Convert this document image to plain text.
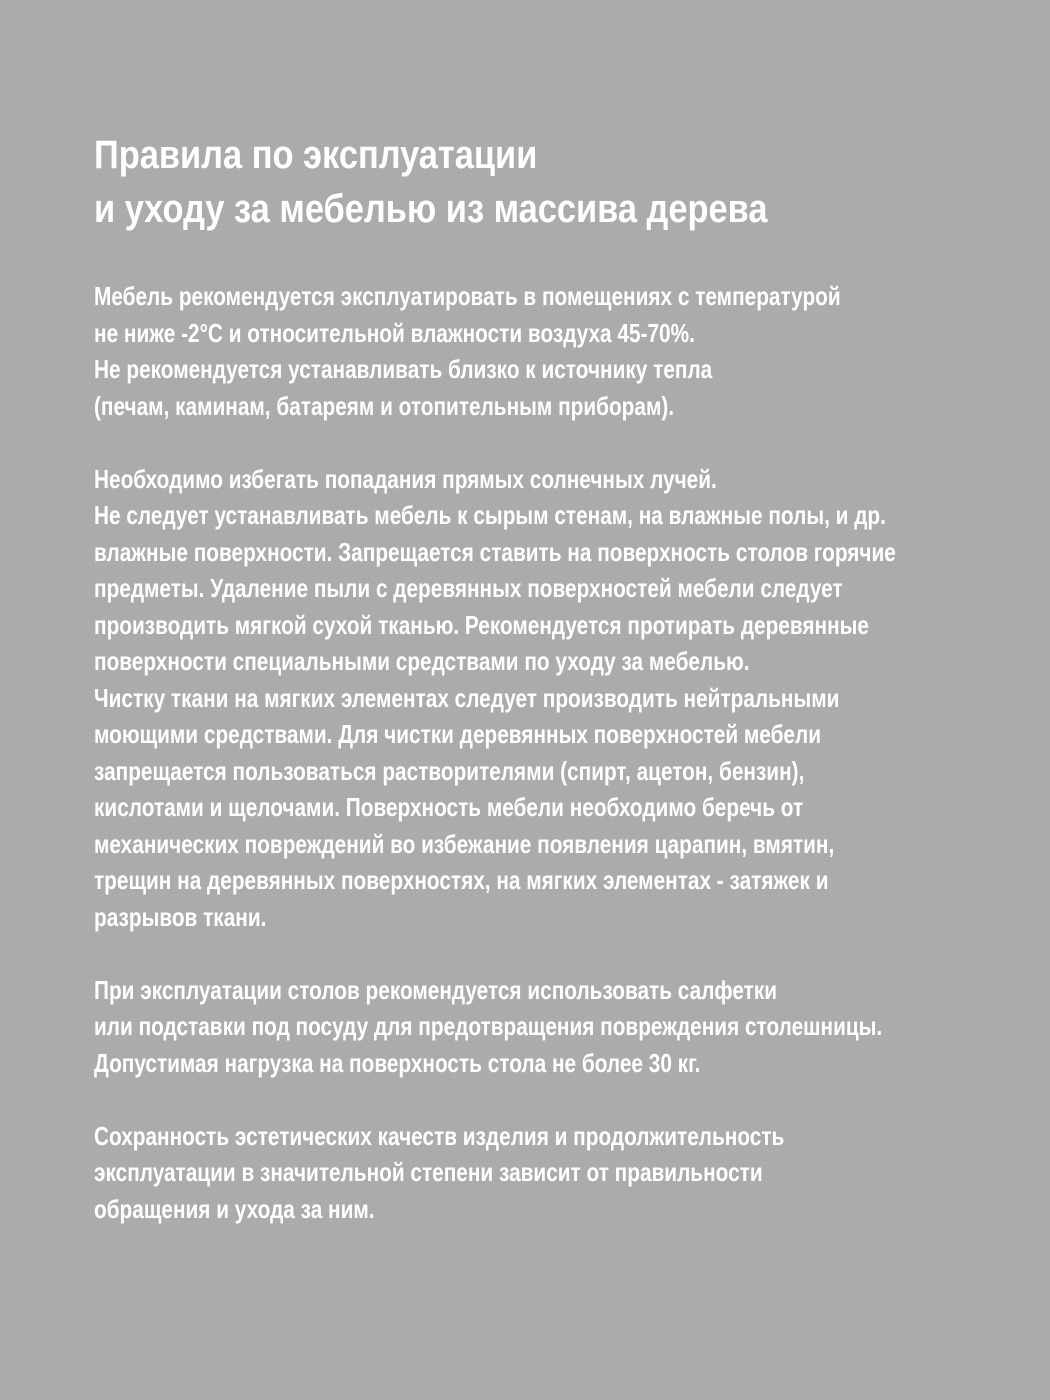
Правила по эксплуатации
и уходу за мебелью из массива дерева

Мебель рекомендуется эксплуатировать в помещениях с температурой
не ниже -2°С и относительной влажности воздуха 45-70%.
Не рекомендуется устанавливать близко к источнику тепла
(печам, каминам, батареям и отопительным приборам).

Необходимо избегать попадания прямых солнечных лучей.
Не следует устанавливать мебель к сырым стенам, на влажные полы, и др.
влажные поверхности. Запрещается ставить на поверхность столов горячие
предметы. Удаление пыли с деревянных поверхностей мебели следует
производить мягкой сухой тканью. Рекомендуется протирать деревянные
поверхности специальными средствами по уходу за мебелью.
Чистку ткани на мягких элементах следует производить нейтральными
моющими средствами. Для чистки деревянных поверхностей мебели
запрещается пользоваться растворителями (спирт, ацетон, бензин),
кислотами и щелочами. Поверхность мебели необходимо беречь от
механических повреждений во избежание появления царапин, вмятин,
трещин на деревянных поверхностях, на мягких элементах - затяжек и
разрывов ткани.

При эксплуатации столов рекомендуется использовать салфетки
или подставки под посуду для предотвращения повреждения столешницы.
Допустимая нагрузка на поверхность стола не более 30 кг.

Сохранность эстетических качеств изделия и продолжительность
эксплуатации в значительной степени зависит от правильности
обращения и ухода за ним.
